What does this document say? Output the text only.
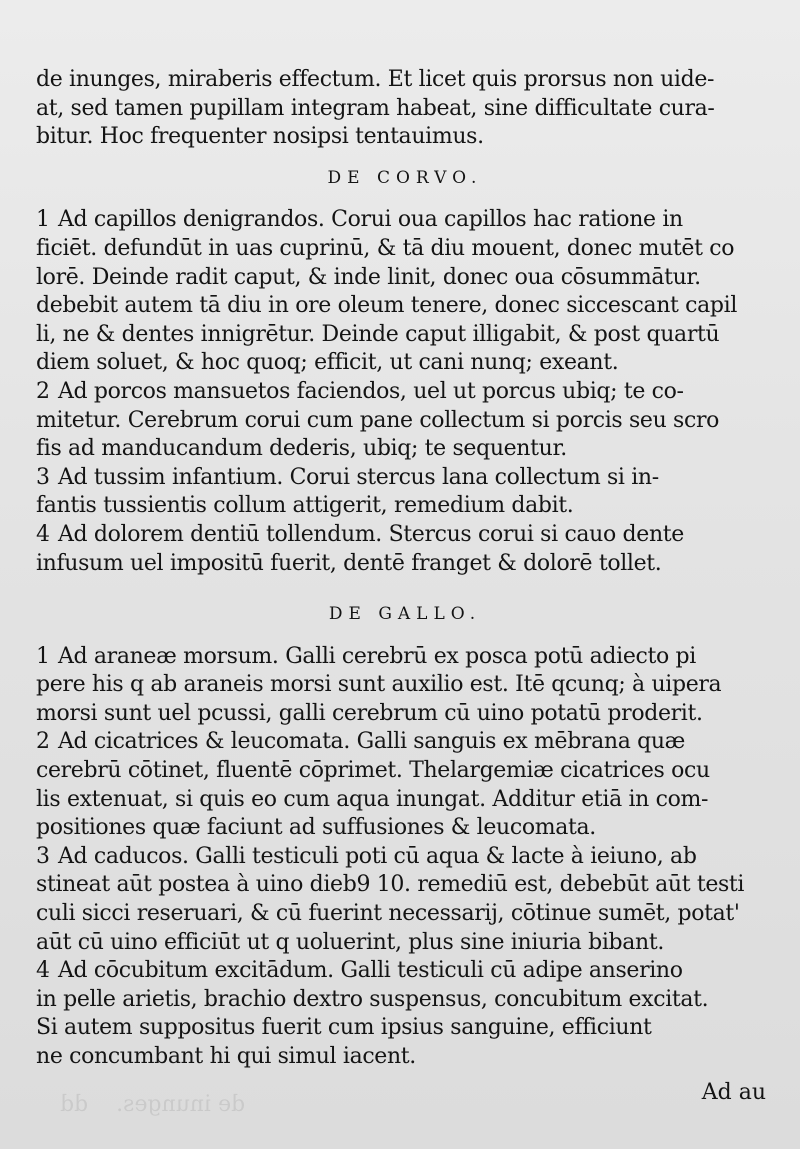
de inunges.    dd
de inunges, miraberis effectum. Et licet quis prorsus non uide-
at, sed tamen pupillam integram habeat, sine difficultate cura-
bitur. Hoc frequenter nosipsi tentauimus.
DE CORVO.
1 Ad capillos denigrandos. Corui oua capillos hac ratione in
ficiēt. defundūt in uas cuprinū, & tā diu mouent, donec mutēt co
lorē. Deinde radit caput, & inde linit, donec oua cōsummātur.
debebit autem tā diu in ore oleum tenere, donec siccescant capil
li, ne & dentes innigrētur. Deinde caput illigabit, & post quartū
diem soluet, & hoc quoq; efficit, ut cani nunq; exeant.
2 Ad porcos mansuetos faciendos, uel ut porcus ubiq; te co-
mitetur. Cerebrum corui cum pane collectum si porcis seu scro
fis ad manducandum dederis, ubiq; te sequentur.
3 Ad tussim infantium. Corui stercus lana collectum si in-
fantis tussientis collum attigerit, remedium dabit.
4 Ad dolorem dentiū tollendum. Stercus corui si cauo dente
infusum uel impositū fuerit, dentē franget & dolorē tollet.
DE GALLO.
1 Ad araneæ morsum. Galli cerebrū ex posca potū adiecto pi
pere his q ab araneis morsi sunt auxilio est. Itē qcunq; à uipera
morsi sunt uel pcussi, galli cerebrum cū uino potatū proderit.
2 Ad cicatrices & leucomata. Galli sanguis ex mēbrana quæ
cerebrū cōtinet, fluentē cōprimet. Thelargemiæ cicatrices ocu
lis extenuat, si quis eo cum aqua inungat. Additur etiā in com-
positiones quæ faciunt ad suffusiones & leucomata.
3 Ad caducos. Galli testiculi poti cū aqua & lacte à ieiuno, ab
stineat aūt postea à uino dieb9 10. remediū est, debebūt aūt testi
culi sicci reseruari, & cū fuerint necessarij, cōtinue sumēt, potat'
aūt cū uino efficiūt ut q uoluerint, plus sine iniuria bibant.
4 Ad cōcubitum excitādum. Galli testiculi cū adipe anserino
in pelle arietis, brachio dextro suspensus, concubitum excitat.
Si autem suppositus fuerit cum ipsius sanguine, efficiunt
ne concumbant hi qui simul iacent.
Ad au
